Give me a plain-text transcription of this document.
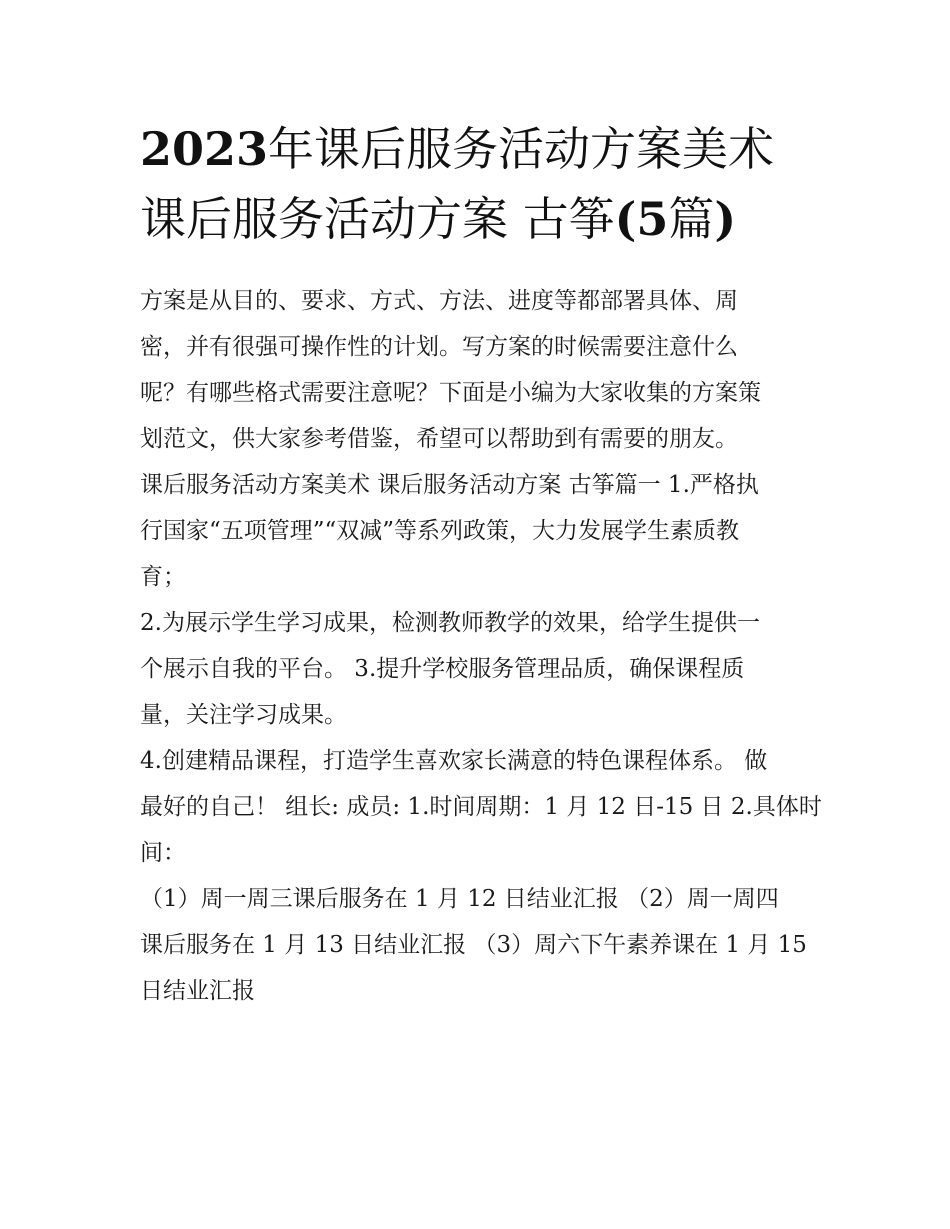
2023年课后服务活动方案美术
课后服务活动方案 古筝(5篇)
方案是从目的、要求、方式、方法、进度等都部署具体、周
密，并有很强可操作性的计划。写方案的时候需要注意什么
呢？有哪些格式需要注意呢？下面是小编为大家收集的方案策
划范文，供大家参考借鉴，希望可以帮助到有需要的朋友。
课后服务活动方案美术 课后服务活动方案 古筝篇一 1.严格执
行国家“五项管理”“双减”等系列政策，大力发展学生素质教
育；
2.为展示学生学习成果，检测教师教学的效果，给学生提供一
个展示自我的平台。 3.提升学校服务管理品质，确保课程质
量，关注学习成果。
4.创建精品课程，打造学生喜欢家长满意的特色课程体系。 做
最好的自己！ 组长: 成员: 1.时间周期：1 月 12 日-15 日 2.具体时
间：
（1）周一周三课后服务在 1 月 12 日结业汇报 （2）周一周四
课后服务在 1 月 13 日结业汇报 （3）周六下午素养课在 1 月 15
日结业汇报
